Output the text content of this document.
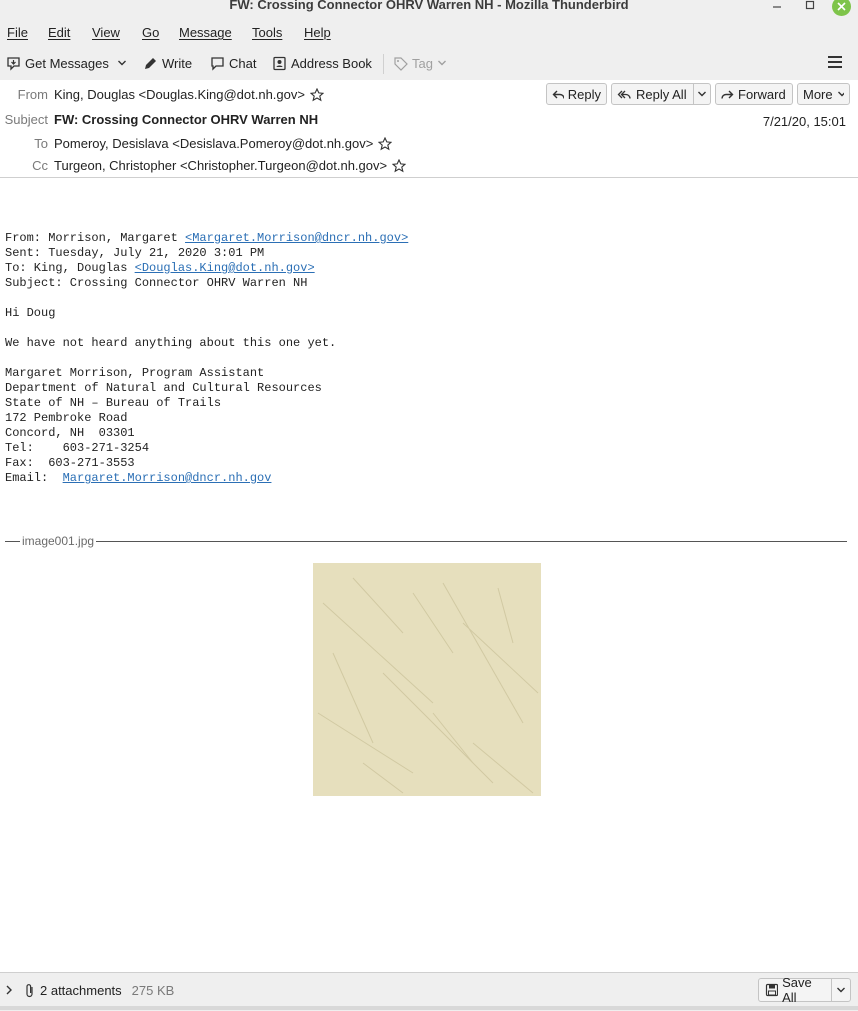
FW: Crossing Connector OHRV Warren NH - Mozilla Thunderbird
File Edit View Go Message Tools Help
Get Messages	Write	Chat	Address Book	Tag
From King, Douglas <Douglas.King@dot.nh.gov>	Reply	Reply All	Forward More
Subject FW: Crossing Connector OHRV Warren NH	7/21/20, 15:01
To Pomeroy, Desislava <Desislava.Pomeroy@dot.nh.gov>
Cc Turgeon, Christopher <Christopher.Turgeon@dot.nh.gov>
From: Morrison, Margaret <Margaret.Morrison@dncr.nh.gov>
Sent: Tuesday, July 21, 2020 3:01 PM
To: King, Douglas <Douglas.King@dot.nh.gov>
Subject: Crossing Connector OHRV Warren NH

Hi Doug

We have not heard anything about this one yet.

Margaret Morrison, Program Assistant
Department of Natural and Cultural Resources
State of NH – Bureau of Trails
172 Pembroke Road
Concord, NH  03301
Tel:    603-271-3254
Fax:  603-271-3553
Email:  Margaret.Morrison@dncr.nh.gov
image001.jpg
2 attachments 275 KB
Save All
